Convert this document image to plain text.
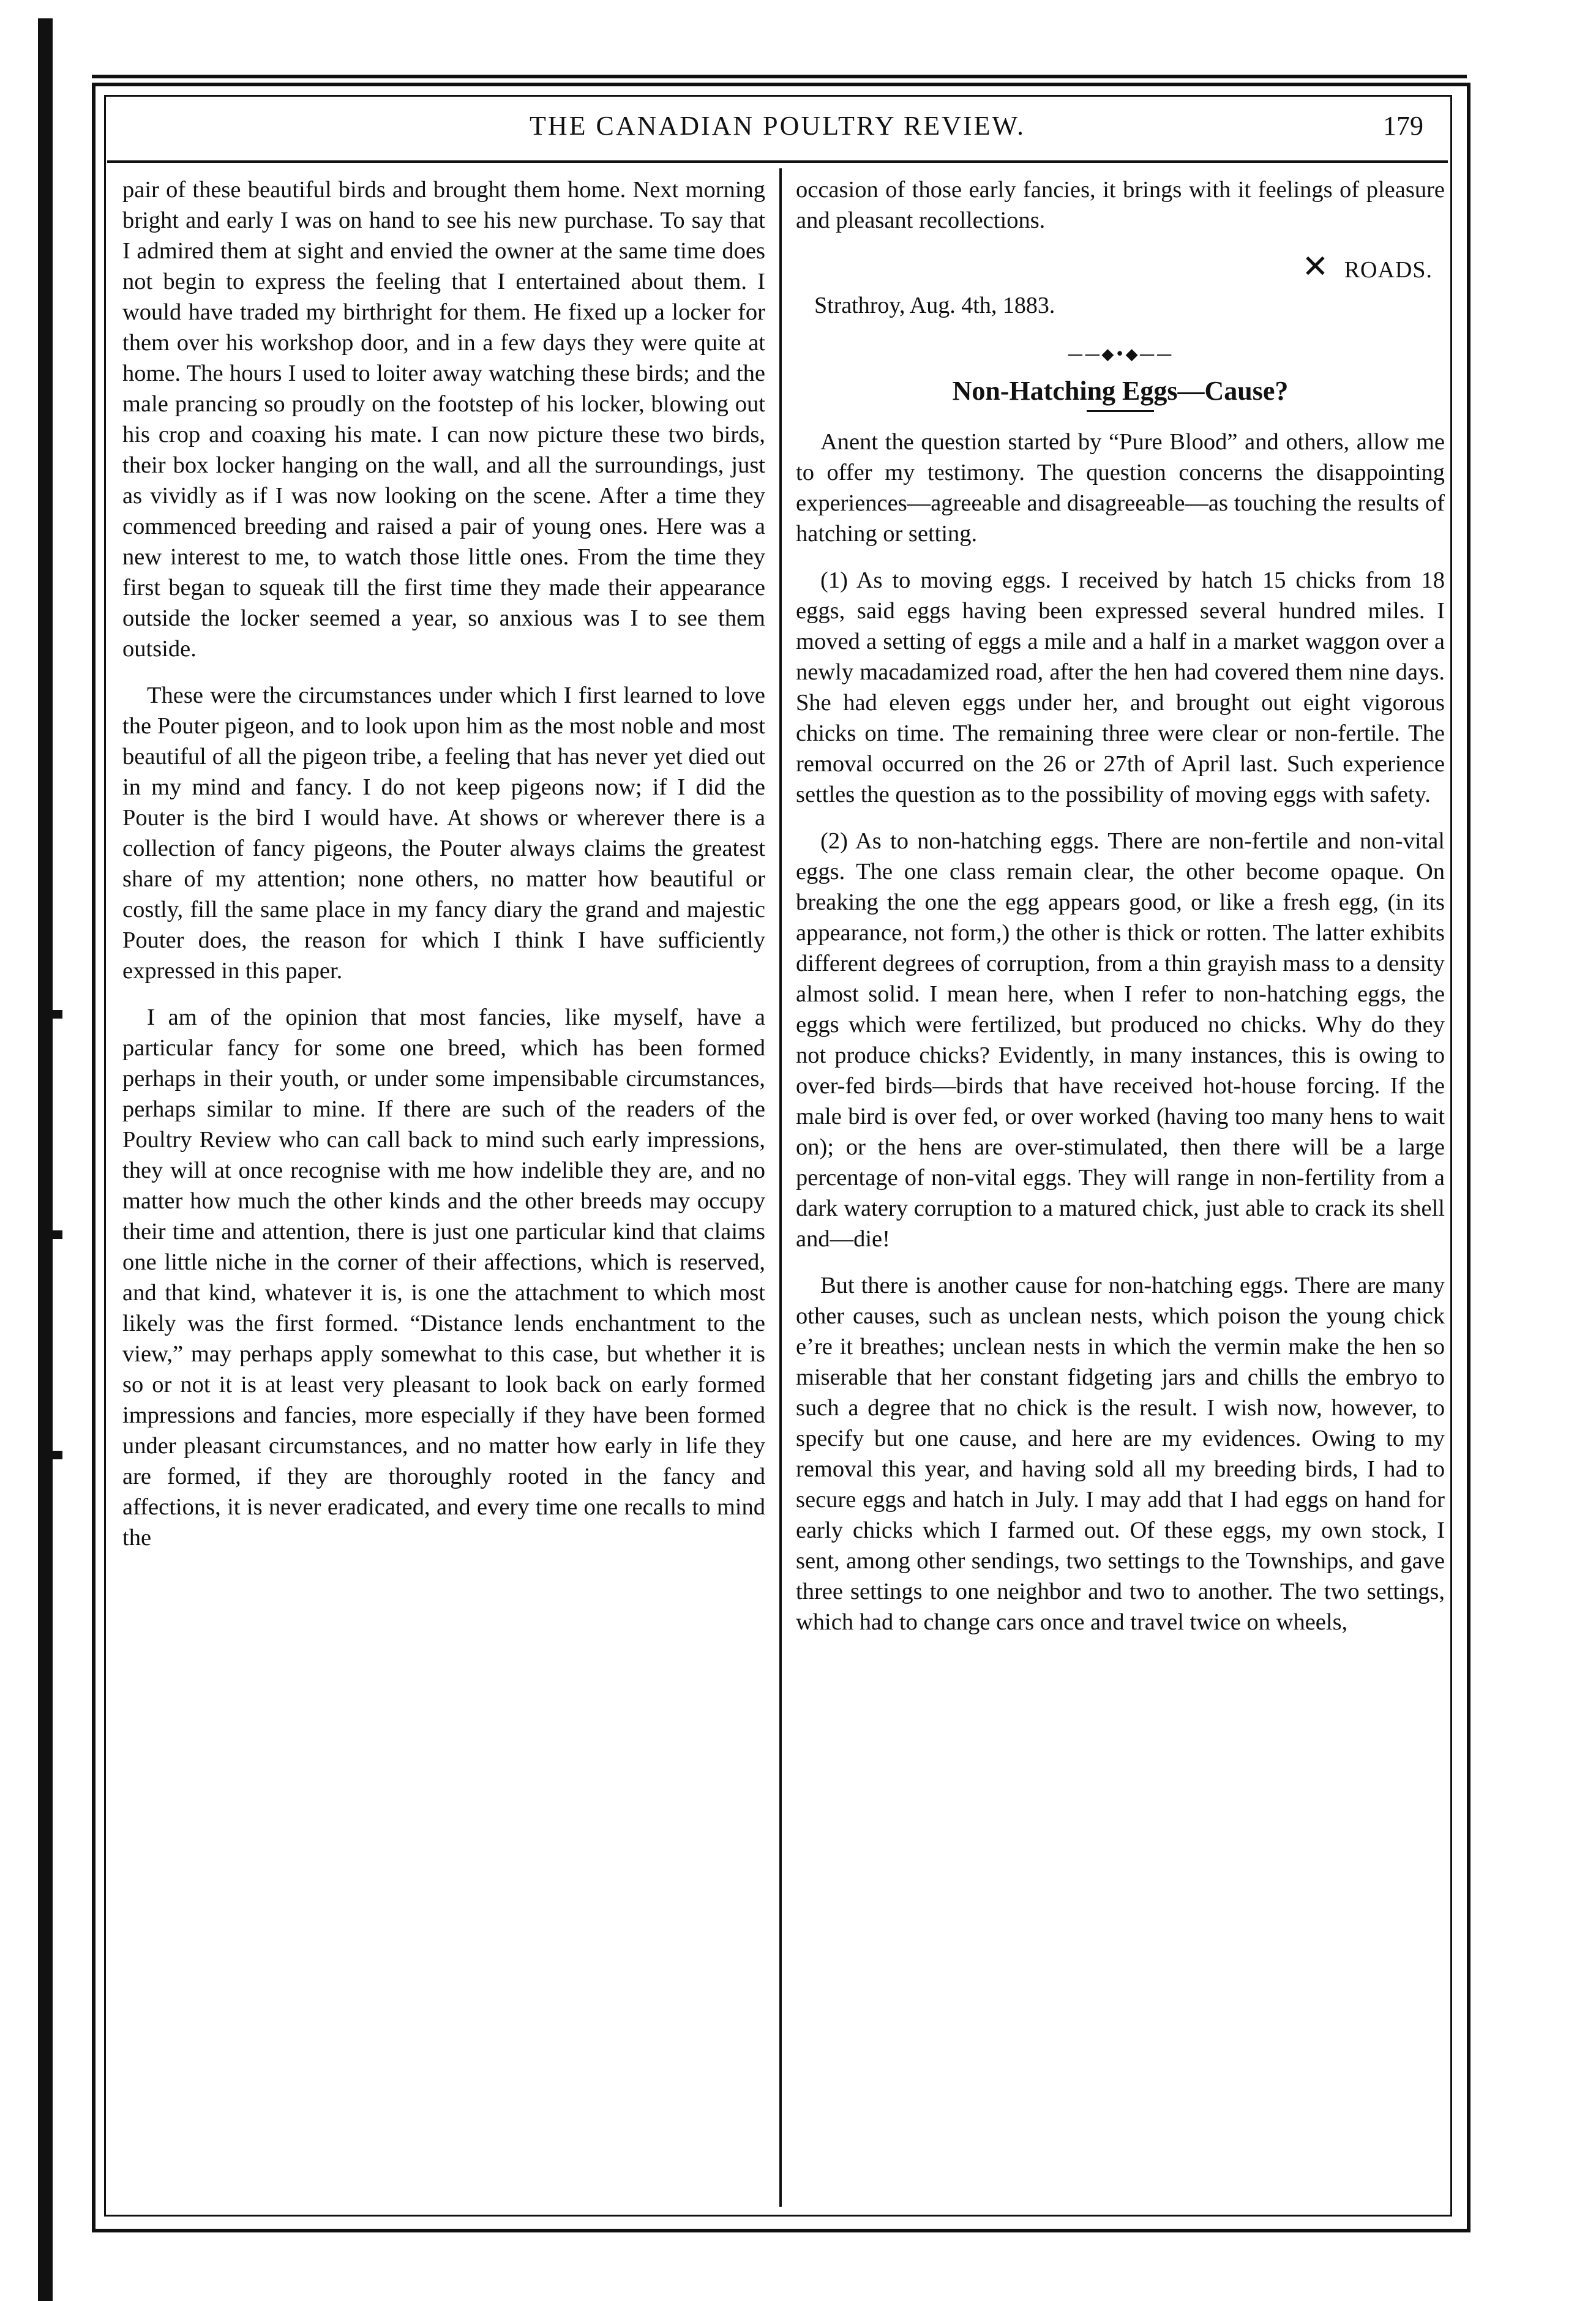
THE CANADIAN POULTRY REVIEW.	179

pair of these beautiful birds and brought them home. Next morning bright and early I was on hand to see his new purchase. To say that I admired them at sight and envied the owner at the same time does not begin to express the feeling that I entertained about them. I would have traded my birthright for them. He fixed up a locker for them over his workshop door, and in a few days they were quite at home. The hours I used to loiter away watching these birds; and the male prancing so proudly on the footstep of his locker, blowing out his crop and coaxing his mate. I can now picture these two birds, their box locker hanging on the wall, and all the surroundings, just as vividly as if I was now looking on the scene. After a time they commenced breeding and raised a pair of young ones. Here was a new interest to me, to watch those little ones. From the time they first began to squeak till the first time they made their appearance outside the locker seemed a year, so anxious was I to see them outside.

These were the circumstances under which I first learned to love the Pouter pigeon, and to look upon him as the most noble and most beautiful of all the pigeon tribe, a feeling that has never yet died out in my mind and fancy. I do not keep pigeons now; if I did the Pouter is the bird I would have. At shows or wherever there is a collection of fancy pigeons, the Pouter always claims the greatest share of my attention; none others, no matter how beautiful or costly, fill the same place in my fancy diary the grand and majestic Pouter does, the reason for which I think I have sufficiently expressed in this paper.

I am of the opinion that most fancies, like myself, have a particular fancy for some one breed, which has been formed perhaps in their youth, or under some impensibable circumstances, perhaps similar to mine. If there are such of the readers of the Poultry Review who can call back to mind such early impressions, they will at once recognise with me how indelible they are, and no matter how much the other kinds and the other breeds may occupy their time and attention, there is just one particular kind that claims one little niche in the corner of their affections, which is reserved, and that kind, whatever it is, is one the attachment to which most likely was the first formed. “Distance lends enchantment to the view,” may perhaps apply somewhat to this case, but whether it is so or not it is at least very pleasant to look back on early formed impressions and fancies, more especially if they have been formed under pleasant circumstances, and no matter how early in life they are formed, if they are thoroughly rooted in the fancy and affections, it is never eradicated, and every time one recalls to mind the

occasion of those early fancies, it brings with it feelings of pleasure and pleasant recollections.

✕ ROADS.
Strathroy, Aug. 4th, 1883.
——◆•◆——
Non-Hatching Eggs—Cause?

Anent the question started by “Pure Blood” and others, allow me to offer my testimony. The question concerns the disappointing experiences—agreeable and disagreeable—as touching the results of hatching or setting.

(1) As to moving eggs. I received by hatch 15 chicks from 18 eggs, said eggs having been expressed several hundred miles. I moved a setting of eggs a mile and a half in a market waggon over a newly macadamized road, after the hen had covered them nine days. She had eleven eggs under her, and brought out eight vigorous chicks on time. The remaining three were clear or non-fertile. The removal occurred on the 26 or 27th of April last. Such experience settles the question as to the possibility of moving eggs with safety.

(2) As to non-hatching eggs. There are non-fertile and non-vital eggs. The one class remain clear, the other become opaque. On breaking the one the egg appears good, or like a fresh egg, (in its appearance, not form,) the other is thick or rotten. The latter exhibits different degrees of corruption, from a thin grayish mass to a density almost solid. I mean here, when I refer to non-hatching eggs, the eggs which were fertilized, but produced no chicks. Why do they not produce chicks? Evidently, in many instances, this is owing to over-fed birds—birds that have received hot-house forcing. If the male bird is over fed, or over worked (having too many hens to wait on); or the hens are over-stimulated, then there will be a large percentage of non-vital eggs. They will range in non-fertility from a dark watery corruption to a matured chick, just able to crack its shell and—die!

But there is another cause for non-hatching eggs. There are many other causes, such as unclean nests, which poison the young chick e’re it breathes; unclean nests in which the vermin make the hen so miserable that her constant fidgeting jars and chills the embryo to such a degree that no chick is the result. I wish now, however, to specify but one cause, and here are my evidences. Owing to my removal this year, and having sold all my breeding birds, I had to secure eggs and hatch in July. I may add that I had eggs on hand for early chicks which I farmed out. Of these eggs, my own stock, I sent, among other sendings, two settings to the Townships, and gave three settings to one neighbor and two to another. The two settings, which had to change cars once and travel twice on wheels,
